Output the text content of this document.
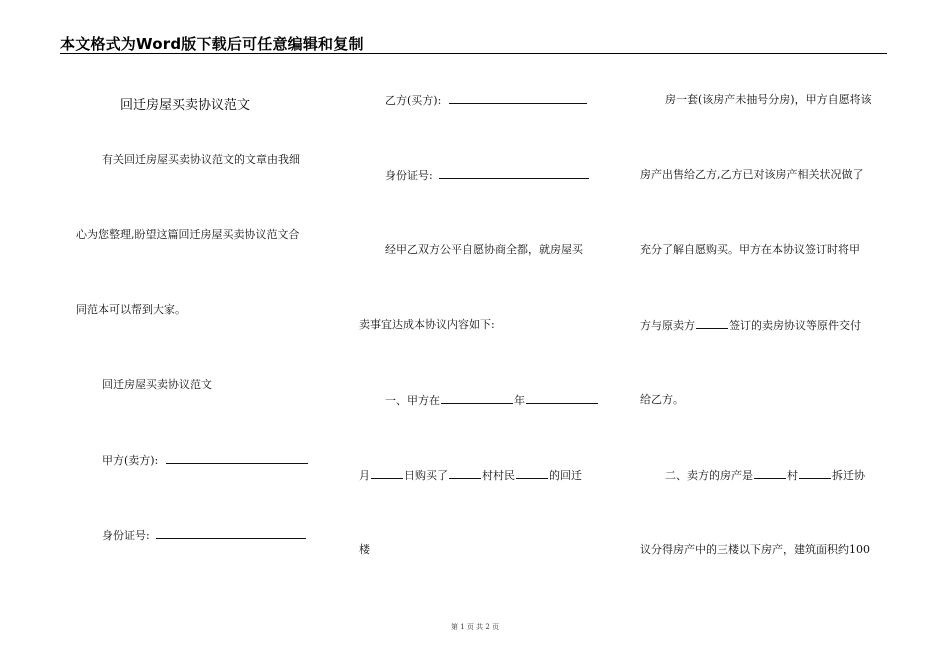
本文格式为Word版下载后可任意编辑和复制
回迁房屋买卖协议范文
有关回迁房屋买卖协议范文的文章由我细
心为您整理,盼望这篇回迁房屋买卖协议范文合
同范本可以帮到大家。
回迁房屋买卖协议范文
甲方(卖方):
身份证号:
乙方(买方):
身份证号:
经甲乙双方公平自愿协商全都，就房屋买
卖事宜达成本协议内容如下:
一、甲方在	年
月	日购买了	村村民	的回迁
楼
房一套(该房产未抽号分房)，甲方自愿将该
房产出售给乙方,乙方已对该房产相关状况做了
充分了解自愿购买。甲方在本协议签订时将甲
方与原卖方	签订的卖房协议等原件交付
给乙方。
二、卖方的房产是	村	拆迁协
议分得房产中的三楼以下房产，建筑面积约100
第 1 页 共 2 页
